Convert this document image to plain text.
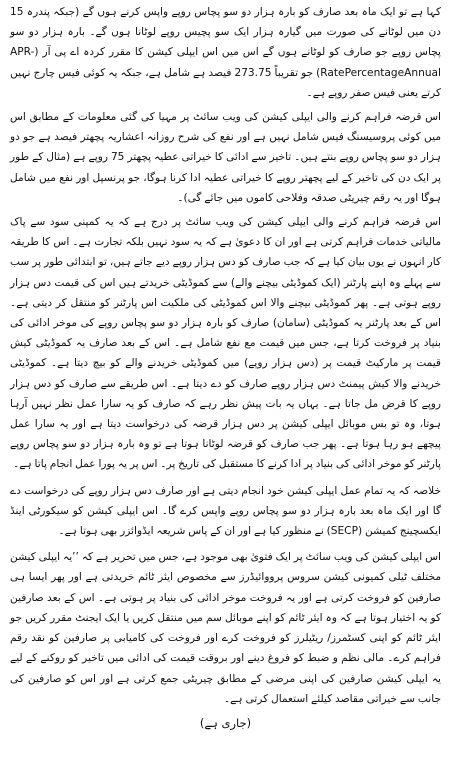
کہا ہے تو ایک ماہ بعد صارف کو بارہ ہزار دو سو پچاس روپے واپس کرنے ہوں گے (جبکہ پندرہ 15 دن میں لوٹانے کی صورت میں گیارہ ہزار ایک سو پچیس روپے لوٹانا ہوں گے۔ بارہ ہزار دو سو پچاس روپے جو صارف کو لوٹانے ہوں گے اس میں اس ایپلی کیشن کا مقرر کردہ اے پی آر (APR-RatePercentageAnnual) جو تقریباً 273.75 فیصد ہے شامل ہے، جبکہ یہ کوئی فیس چارج نہیں کرتے یعنی فیس صفر روپے ہے۔

اس قرضہ فراہم کرنے والی ایپلی کیشن کی ویب سائٹ پر مہیا کی گئی معلومات کے مطابق اس میں کوئی پروسیسنگ فیس شامل نہیں ہے اور نفع کی شرح روزانہ اعشاریہ پچھتر فیصد ہے جو دو ہزار دو سو پچاس روپے بنتے ہیں۔ تاخیر سے ادائی کا خیراتی عطیہ پچھتر 75 روپے ہے (مثال کے طور پر ایک دن کی تاخیر کے لیے پچھتر روپے کا خیراتی عطیہ ادا کرنا ہوگا، جو پرنسپل اور نفع میں شامل ہوگا اور یہ رقم چیریٹی صدقہ وفلاحی کاموں میں جائے گی)۔

اس قرضہ فراہم کرنے والی ایپلی کیشن کی ویب سائٹ پر درج ہے کہ یہ کمپنی سود سے پاک مالیاتی خدمات فراہم کرتی ہے اور ان کا دعویٰ ہے کہ یہ سود نہیں بلکہ تجارت ہے۔ اس کا طریقہ کار انہوں نے یوں بیان کیا ہے کہ جب صارف کو دس ہزار روپے دیے جاتے ہیں، تو ابتدائی طور پر سب سے پہلے وہ اپنے پارٹنر (ایک کموڈیٹی بیچنے والے) سے کموڈیٹی خریدتے ہیں اس کی قیمت دس ہزار روپے ہوتی ہے۔ پھر کموڈیٹی بیچنے والا اس کموڈیٹی کی ملکیت اس پارٹنر کو منتقل کر دیتی ہے۔ اس کے بعد پارٹنر یہ کموڈیٹی (سامان) صارف کو بارہ ہزار دو سو پچاس روپے کی موخر ادائی کی بنیاد پر فروخت کرتا ہے، جس میں قیمت مع نفع شامل ہے۔ اس کے بعد صارف یہ کموڈیٹی کیش قیمت پر مارکیٹ قیمت پر (دس ہزار روپے) میں کموڈیٹی خریدنے والے کو بیچ دیتا ہے۔ کموڈیٹی خریدنے والا کیش پیمنٹ دس ہزار روپے صارف کو دے دیتا ہے۔ اس طریقے سے صارف کو دس ہزار روپے کا قرض مل جاتا ہے۔ یہاں یہ بات پیش نظر رہے کہ صارف کو یہ سارا عمل نظر نہیں آرہا ہوتا، وہ تو بس موبائل ایپلی کیشن پر دس ہزار قرضہ کی درخواست دیتا ہے اور یہ سارا عمل پیچھے ہو رہا ہوتا ہے۔ پھر جب صارف کو قرضہ لوٹانا ہوتا ہے تو وہ بارہ ہزار دو سو پچاس روپے پارٹنر کو موخر ادائی کی بنیاد پر ادا کرنے کا مستقبل کی تاریخ پر۔ اس پر یہ پورا عمل انجام پاتا ہے۔

خلاصہ کہ یہ تمام عمل ایپلی کیشن خود انجام دیتی ہے اور صارف دس ہزار روپے کی درخواست دے گا اور ایک ماہ بعد بارہ ہزار دو سو پچاس روپے واپس کرے گا۔ اس ایپلی کیشن کو سیکورٹی اینڈ ایکسچینج کمیشن (SECP) نے منظور کیا ہے اور ان کے پاس شریعہ ایڈوائزر بھی ہوتا ہے۔

اس ایپلی کیشن کی ویب سائٹ پر ایک فتویٰ بھی موجود ہے، جس میں تحریر ہے کہ ’’یہ ایپلی کیشن مختلف ٹیلی کمیونی کیشن سروس پرووائیڈرز سے مخصوص ایئر ٹائم خریدتی ہے اور پھر ایسا ہی صارفین کو فروخت کرتی ہے اور یہ فروخت موخر ادائی کی بنیاد پر ہوتی ہے۔ اس کے بعد صارفین کو یہ اختیار ہوتا ہے کہ وہ ایئر ٹائم کو اپنے موبائل سم میں منتقل کریں یا ایک ایجنٹ مقرر کریں جو ایئر ٹائم کو اپنی کسٹمرز/ ریٹیلرز کو فروخت کرے اور فروخت کی کامیابی پر صارفین کو نقد رقم فراہم کرے۔ مالی نظم و ضبط کو فروغ دینے اور بروقت قیمت کی ادائی میں تاخیر کو روکنے کے لیے یہ ایپلی کیشن صارفین کی اپنی مرضی کے مطابق چیریٹی جمع کرتی ہے اور اس کو صارفین کی جانب سے خیراتی مقاصد کیلئے استعمال کرتی ہے۔

(جاری ہے)
